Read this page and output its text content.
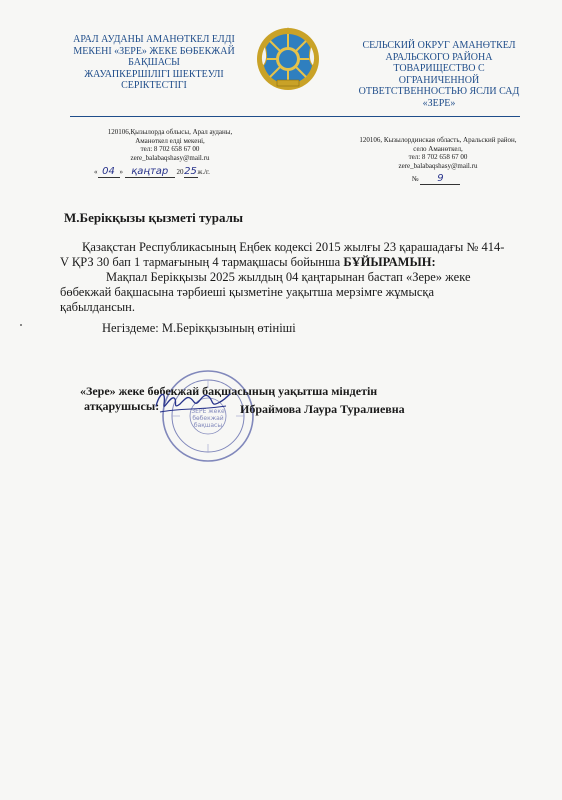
АРАЛ АУДАНЫ АМАНӨТКЕЛ ЕЛДІ
МЕКЕНІ «ЗЕРЕ» ЖЕКЕ БӨБЕКЖАЙ
БАҚШАСЫ
ЖАУАПКЕРШІЛІГІ ШЕКТЕУЛІ
СЕРІКТЕСТІГІ
СЕЛЬСКИЙ ОКРУГ АМАНӨТКЕЛ
АРАЛЬСКОГО РАЙОНА
ТОВАРИЩЕСТВО С
ОГРАНИЧЕННОЙ
ОТВЕТСТВЕННОСТЬЮ ЯСЛИ САД
«ЗЕРЕ»
120106,Қызылорда облысы, Арал ауданы,
Аманөткел елді мекені,
тел: 8 702 658 67 00
zere_balabaqshasy@mail.ru
120106, Кызылординская область, Аральский район,
село Аманөткел,
тел: 8 702 658 67 00
zere_balabaqshasy@mail.ru
« 04 » қаңтар 2025ж./г.
№ 9
М.Берікқызы қызметі туралы

Қазақстан Республикасының Еңбек кодексі 2015 жылғы 23 қарашадағы № 414- V ҚРЗ 30 бап 1 тармағының 4 тармақшасы бойынша БҰЙЫРАМЫН:

Мақпал Берікқызы 2025 жылдың 04 қаңтарынан бастап «Зере» жеке бөбекжай бақшасына тәрбиеші қызметіне уақытша мерзімге жұмысқа қабылдансын.

Негіздеме: М.Берікқызының өтініші
ЗЕРЕ жеке бөбекжай бақшасы
«Зере» жеке бөбекжай бақшасының уақытша міндетін
атқарушысы:	Ибраймова Лаура Туралиевна
